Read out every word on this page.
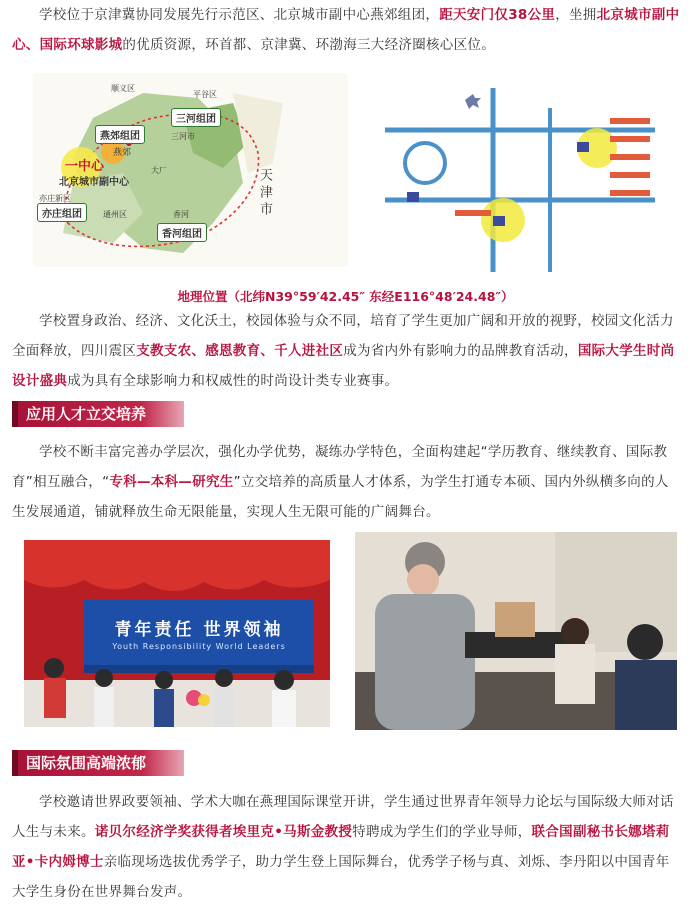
学校位于京津冀协同发展先行示范区、北京城市副中心燕郊组团，距天安门仅38公里，坐拥北京城市副中心、国际环球影城的优质资源，环首都、京津冀、环渤海三大经济圈核心区位。

燕郊组团
三河组团
亦庄组团
香河组团
一中心
北京城市副中心
燕郊
三河市
大厂
香河
通州区
亦庄新区
顺义区
平谷区
天津市
地理位置（北纬N39°59′42.45″ 东经E116°48′24.48″）

学校置身政治、经济、文化沃土，校园体验与众不同，培育了学生更加广阔和开放的视野，校园文化活力全面释放，四川震区支教支农、感恩教育、千人进社区成为省内外有影响力的品牌教育活动，国际大学生时尚设计盛典成为具有全球影响力和权威性的时尚设计类专业赛事。

应用人才立交培养

学校不断丰富完善办学层次，强化办学优势，凝练办学特色，全面构建起“学历教育、继续教育、国际教育”相互融合，“专科—本科—研究生”立交培养的高质量人才体系，为学生打通专本硕、国内外纵横多向的人生发展通道，铺就释放生命无限能量，实现人生无限可能的广阔舞台。

青年责任 世界领袖
Youth Responsibility World Leaders
国际氛围高端浓郁

学校邀请世界政要领袖、学术大咖在燕理国际课堂开讲，学生通过世界青年领导力论坛与国际级大师对话人生与未来。诺贝尔经济学奖获得者埃里克•马斯金教授特聘成为学生们的学业导师，联合国副秘书长娜塔莉亚•卡内姆博士亲临现场选拔优秀学子，助力学生登上国际舞台，优秀学子杨与真、刘烁、李丹阳以中国青年大学生身份在世界舞台发声。
